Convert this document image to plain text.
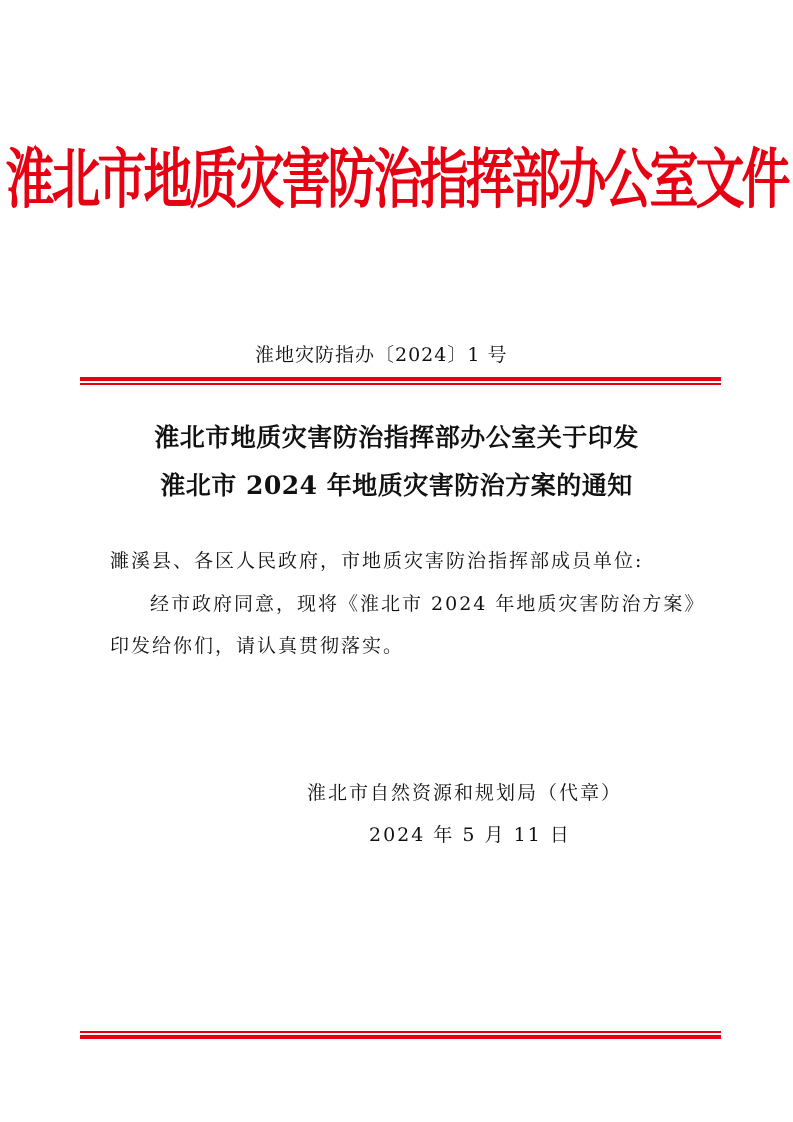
淮北市地质灾害防治指挥部办公室文件
淮地灾防指办〔2024〕1 号
淮北市地质灾害防治指挥部办公室关于印发
淮北市 2024 年地质灾害防治方案的通知
濉溪县、各区人民政府，市地质灾害防治指挥部成员单位:
经市政府同意，现将《淮北市 2024 年地质灾害防治方案》
印发给你们，请认真贯彻落实。
淮北市自然资源和规划局（代章）
2024 年 5 月 11 日
